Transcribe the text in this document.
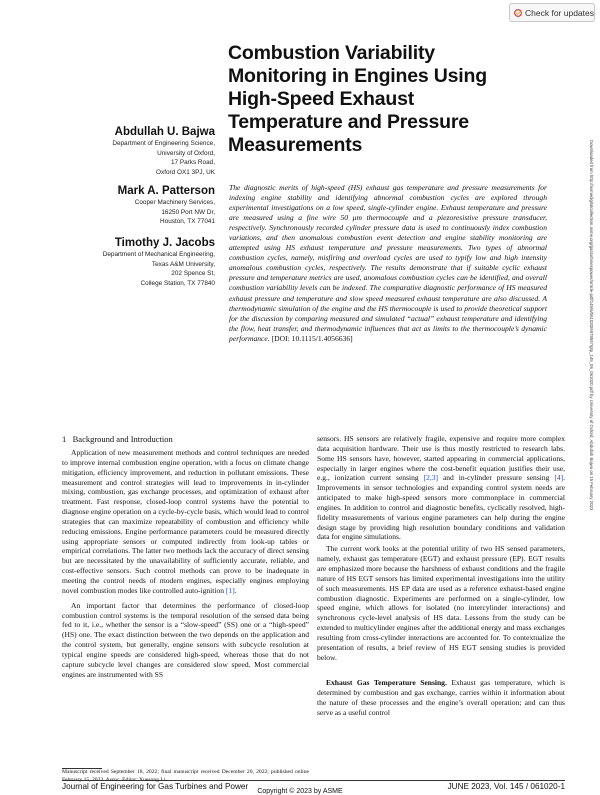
Check for updates
Combustion Variability Monitoring in Engines Using High-Speed Exhaust Temperature and Pressure Measurements
Abdullah U. Bajwa
Department of Engineering Science,
University of Oxford,
17 Parks Road,
Oxford OX1 3PJ, UK
Mark A. Patterson
Cooper Machinery Services,
16250 Port NW Dr,
Houston, TX 77041
Timothy J. Jacobs
Department of Mechanical Engineering,
Texas A&M University,
202 Spence St,
College Station, TX 77840
The diagnostic merits of high-speed (HS) exhaust gas temperature and pressure measurements for indexing engine stability and identifying abnormal combustion cycles are explored through experimental investigations on a low speed, single-cylinder engine. Exhaust temperature and pressure are measured using a fine wire 50 μm thermocouple and a piezoresistive pressure transducer, respectively. Synchronously recorded cylinder pressure data is used to continuously index combustion variations, and then anomalous combustion event detection and engine stability monitoring are attempted using HS exhaust temperature and pressure measurements. Two types of abnormal combustion cycles, namely, misfiring and overload cycles are used to typify low and high intensity anomalous combustion cycles, respectively. The results demonstrate that if suitable cyclic exhaust pressure and temperature metrics are used, anomalous combustion cycles can be identified, and overall combustion variability levels can be indexed. The comparative diagnostic performance of HS measured exhaust pressure and temperature and slow speed measured exhaust temperature are also discussed. A thermodynamic simulation of the engine and the HS thermocouple is used to provide theoretical support for the discussion by comparing measured and simulated “actual” exhaust temperature and identifying the flow, heat transfer, and thermodynamic influences that act as limits to the thermocouple’s dynamic performance. [DOI: 10.1115/1.4056636]
1 Background and Introduction

Application of new measurement methods and control techniques are needed to improve internal combustion engine operation, with a focus on climate change mitigation, efficiency improvement, and reduction in pollutant emissions. These measurement and control strategies will lead to improvements in in-cylinder mixing, combustion, gas exchange processes, and optimization of exhaust after treatment. Fast response, closed-loop control systems have the potential to diagnose engine operation on a cycle-by-cycle basis, which would lead to control strategies that can maximize repeatability of combustion and efficiency while reducing emissions. Engine performance parameters could be measured directly using appropriate sensors or computed indirectly from look-up tables or empirical correlations. The latter two methods lack the accuracy of direct sensing but are necessitated by the unavailability of sufficiently accurate, reliable, and cost-effective sensors. Such control methods can prove to be inadequate in meeting the control needs of modern engines, especially engines employing novel combustion modes like controlled auto-ignition [1].

An important factor that determines the performance of closed-loop combustion control systems is the temporal resolution of the sensed data being fed to it, i.e., whether the sensor is a “slow-speed” (SS) one or a “high-speed” (HS) one. The exact distinction between the two depends on the application and the control system, but generally, engine sensors with subcycle resolution at typical engine speeds are considered high-speed, whereas those that do not capture subcycle level changes are considered slow speed. Most commercial engines are instrumented with SS

sensors. HS sensors are relatively fragile, expensive and require more complex data acquisition hardware. Their use is thus mostly restricted to research labs. Some HS sensors have, however, started appearing in commercial applications, especially in larger engines where the cost-benefit equation justifies their use, e.g., ionization current sensing [2,3] and in-cylinder pressure sensing [4]. Improvements in sensor technologies and expanding control system needs are anticipated to make high-speed sensors more commonplace in commercial engines. In addition to control and diagnostic benefits, cyclically resolved, high-fidelity measurements of various engine parameters can help during the engine design stage by providing high resolution boundary conditions and validation data for engine simulations.

The current work looks at the potential utility of two HS sensed parameters, namely, exhaust gas temperature (EGT) and exhaust pressure (EP). EGT results are emphasized more because the harshness of exhaust conditions and the fragile nature of HS EGT sensors has limited experimental investigations into the utility of such measurements. HS EP data are used as a reference exhaust-based engine combustion diagnostic. Experiments are performed on a single-cylinder, low speed engine, which allows for isolated (no intercylinder interactions) and synchronous cycle-level analysis of HS data. Lessons from the study can be extended to multicylinder engines after the additional energy and mass exchanges resulting from cross-cylinder interactions are accounted for. To contextualize the presentation of results, a brief review of HS EGT sensing studies is provided below.

Exhaust Gas Temperature Sensing. Exhaust gas temperature, which is determined by combustion and gas exchange, carries within it information about the nature of these processes and the engine’s overall operation; and can thus serve as a useful control

Manuscript received September 18, 2022; final manuscript received December 20, 2022; published online February 15, 2023. Assoc. Editor: Xuesong Li.
Journal of Engineering for Gas Turbines and Power	JUNE 2023, Vol. 145 / 061020-1
Copyright © 2023 by ASME
Downloaded from http://asmedigitalcollection.asme.org/gasturbinespower/article-pdf/145/6/061020/6978597/gtp_145_06_061020.pdf by University of Oxford, Abdullah Bajwa on 15 February 2023
